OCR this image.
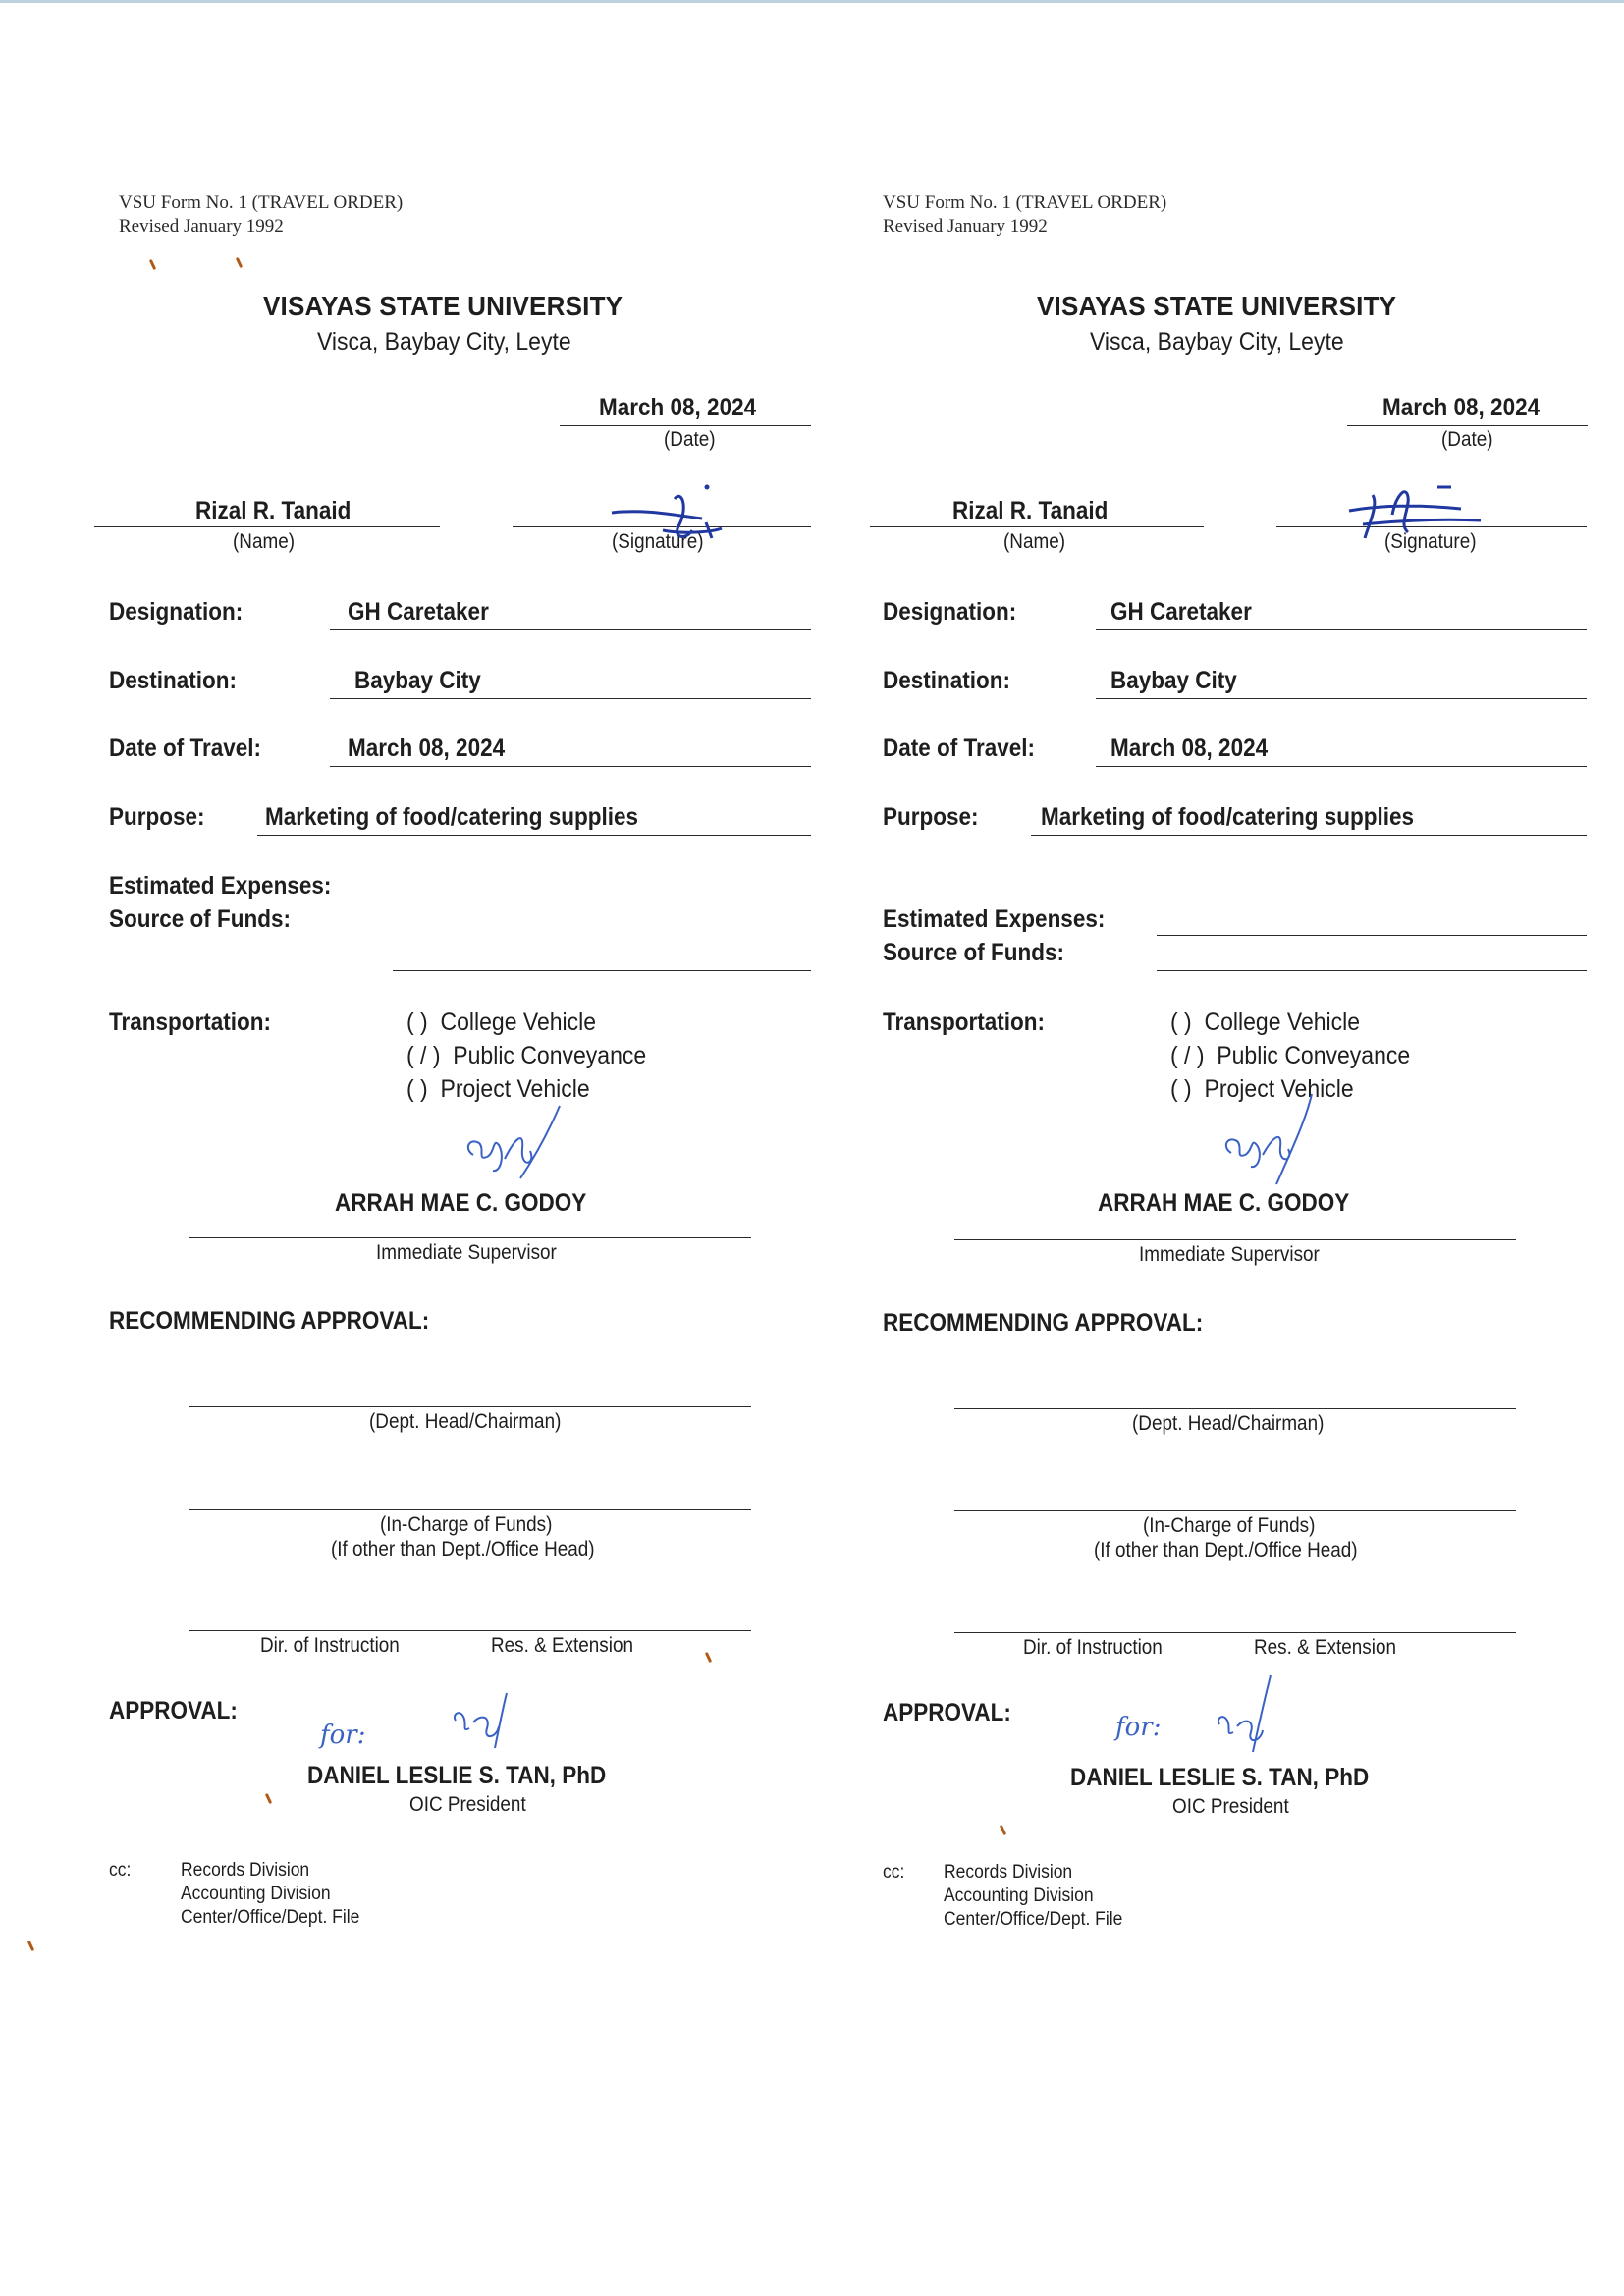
VSU Form No. 1 (TRAVEL ORDER)
Revised January 1992
VISAYAS STATE UNIVERSITY
Visca, Baybay City, Leyte
March 08, 2024
(Date)
Rizal R. Tanaid
(Name)	(Signature)
Designation:	GH Caretaker
Destination:	Baybay City
Date of Travel:	March 08, 2024
Purpose: Marketing of food/catering supplies
Estimated Expenses:
Source of Funds:
Transportation:	( ) College Vehicle
( / ) Public Conveyance
( ) Project Vehicle
ARRAH MAE C. GODOY
Immediate Supervisor
RECOMMENDING APPROVAL:
(Dept. Head/Chairman)
(In-Charge of Funds)
(If other than Dept./Office Head)
Dir. of Instruction	Res. & Extension
APPROVAL:
for:
DANIEL LESLIE S. TAN, PhD
OIC President
cc:	Records Division
Accounting Division
Center/Office/Dept. File
VSU Form No. 1 (TRAVEL ORDER)
Revised January 1992
VISAYAS STATE UNIVERSITY
Visca, Baybay City, Leyte
March 08, 2024
(Date)
Rizal R. Tanaid
(Name)	(Signature)
Designation:	GH Caretaker
Destination:	Baybay City
Date of Travel:	March 08, 2024
Purpose:	Marketing of food/catering supplies
Estimated Expenses:
Source of Funds:
Transportation:	( ) College Vehicle
( / ) Public Conveyance
( ) Project Vehicle
ARRAH MAE C. GODOY
Immediate Supervisor
RECOMMENDING APPROVAL:
(Dept. Head/Chairman)
(In-Charge of Funds)
(If other than Dept./Office Head)
Dir. of Instruction	Res. & Extension
APPROVAL:	for:
DANIEL LESLIE S. TAN, PhD
OIC President
cc: Records Division
Accounting Division
Center/Office/Dept. File
